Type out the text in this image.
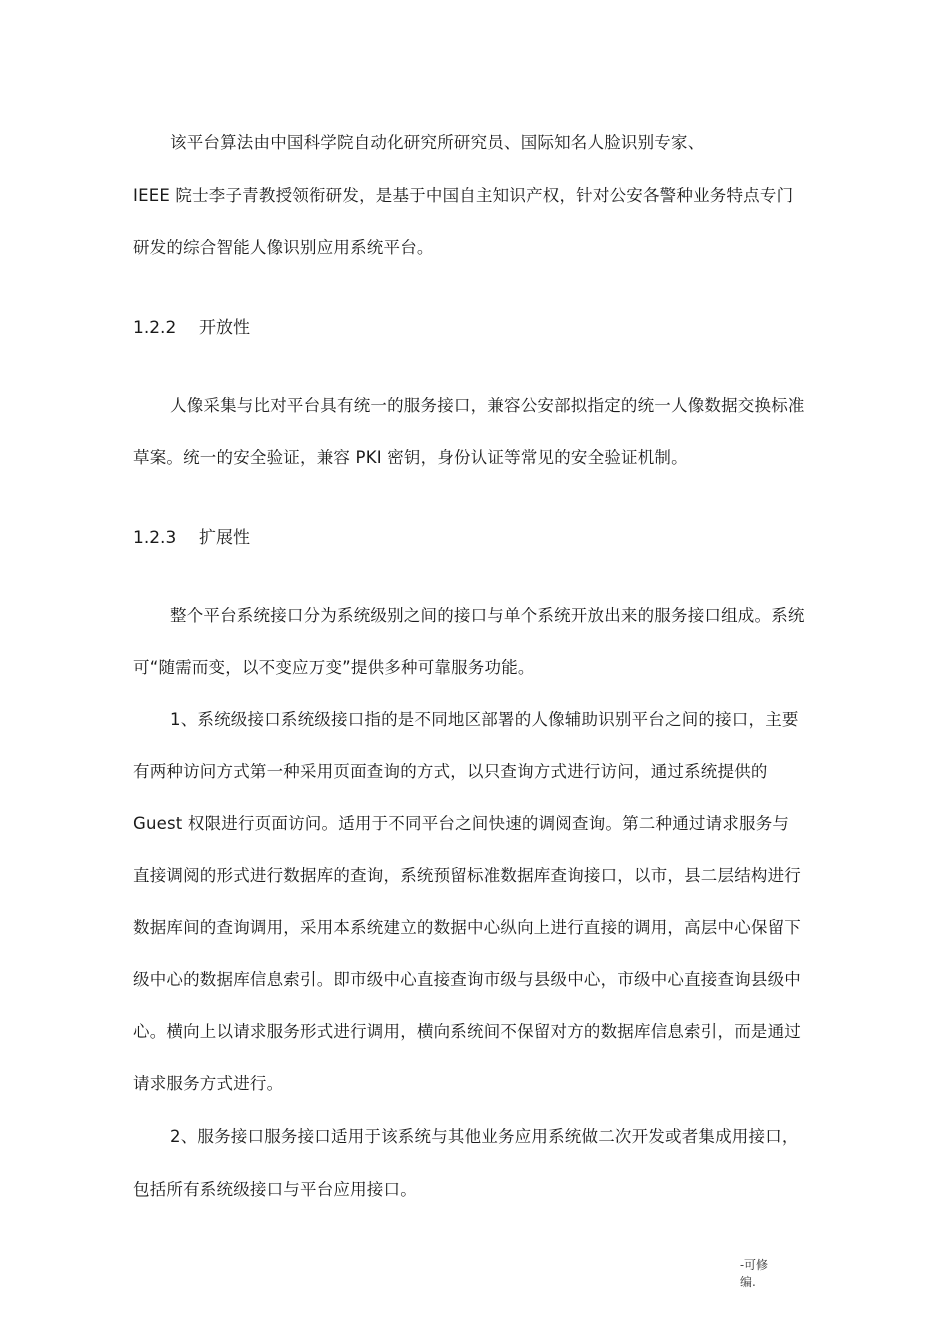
该平台算法由中国科学院自动化研究所研究员、国际知名人脸识别专家、
IEEE 院士李子青教授领衔研发，是基于中国自主知识产权，针对公安各警种业务特点专门
研发的综合智能人像识别应用系统平台。
1.2.2 开放性
人像采集与比对平台具有统一的服务接口，兼容公安部拟指定的统一人像数据交换标准
草案。统一的安全验证，兼容 PKI 密钥，身份认证等常见的安全验证机制。
1.2.3 扩展性
整个平台系统接口分为系统级别之间的接口与单个系统开放出来的服务接口组成。系统
可“随需而变，以不变应万变”提供多种可靠服务功能。
1、系统级接口系统级接口指的是不同地区部署的人像辅助识别平台之间的接口，主要
有两种访问方式第一种采用页面查询的方式，以只查询方式进行访问，通过系统提供的
Guest 权限进行页面访问。适用于不同平台之间快速的调阅查询。第二种通过请求服务与
直接调阅的形式进行数据库的查询，系统预留标准数据库查询接口，以市，县二层结构进行
数据库间的查询调用，采用本系统建立的数据中心纵向上进行直接的调用，高层中心保留下
级中心的数据库信息索引。即市级中心直接查询市级与县级中心，市级中心直接查询县级中
心。横向上以请求服务形式进行调用，横向系统间不保留对方的数据库信息索引，而是通过
请求服务方式进行。
2、服务接口服务接口适用于该系统与其他业务应用系统做二次开发或者集成用接口，
包括所有系统级接口与平台应用接口。
-可修
编.
